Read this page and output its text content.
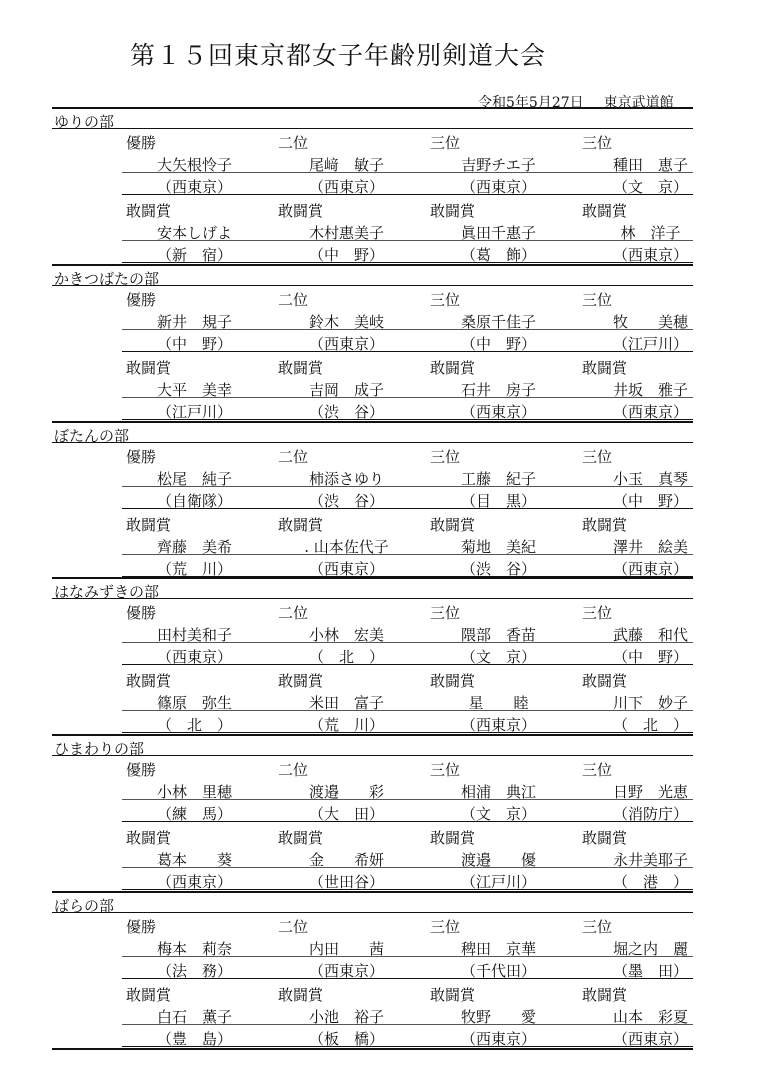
第１５回東京都女子年齢別剣道大会
令和5年5月27日 東京武道館
ゆりの部
優勝	二位	三位	三位
大矢根怜子	尾﨑　敏子	吉野チエ子	種田　恵子
（西東京）	（西東京）	（西東京）	（文　京）
敢闘賞	敢闘賞	敢闘賞	敢闘賞
安本しげよ	木村惠美子	眞田千惠子	林　洋子
（新　宿）	（中　野）	（葛　飾）	（西東京）
かきつばたの部
優勝	二位	三位	三位
新井　規子	鈴木　美岐	桑原千佳子	牧　　美穂
（中　野）	（西東京）	（中　野）	（江戸川）
敢闘賞	敢闘賞	敢闘賞	敢闘賞
大平　美幸	吉岡　成子	石井　房子	井坂　雅子
（江戸川）	（渋　谷）	（西東京）	（西東京）
ぼたんの部
優勝	二位	三位	三位
松尾　純子	柿添さゆり	工藤　紀子	小玉　真琴
（自衛隊）	（渋　谷）	（目　黒）	（中　野）
敢闘賞	敢闘賞	敢闘賞	敢闘賞
齊藤　美希	. 山本佐代子	菊地　美紀	澤井　絵美
（荒　川）	（西東京）	（渋　谷）	（西東京）
はなみずきの部
優勝	二位	三位	三位
田村美和子	小林　宏美	隈部　香苗	武藤　和代
（西東京）	（　北　）	（文　京）	（中　野）
敢闘賞	敢闘賞	敢闘賞	敢闘賞
篠原　弥生	米田　富子	星　　睦	川下　妙子
（　北　）	（荒　川）	（西東京）	（　北　）
ひまわりの部
優勝	二位	三位	三位
小林　里穂	渡邉　　彩	相浦　典江	日野　光恵
（練　馬）	（大　田）	（文　京）	（消防庁）
敢闘賞	敢闘賞	敢闘賞	敢闘賞
葛本　　葵	金　　希妍	渡邉　　優	永井美耶子
（西東京）	（世田谷）	（江戸川）	（　港　）
ばらの部
優勝	二位	三位	三位
梅本　莉奈	内田　　茜	稗田　京華	堀之内　麗
（法　務）	（西東京）	（千代田）	（墨　田）
敢闘賞	敢闘賞	敢闘賞	敢闘賞
白石　薫子	小池　裕子	牧野　　愛	山本　彩夏
（豊　島）	（板　橋）	（西東京）	（西東京）
